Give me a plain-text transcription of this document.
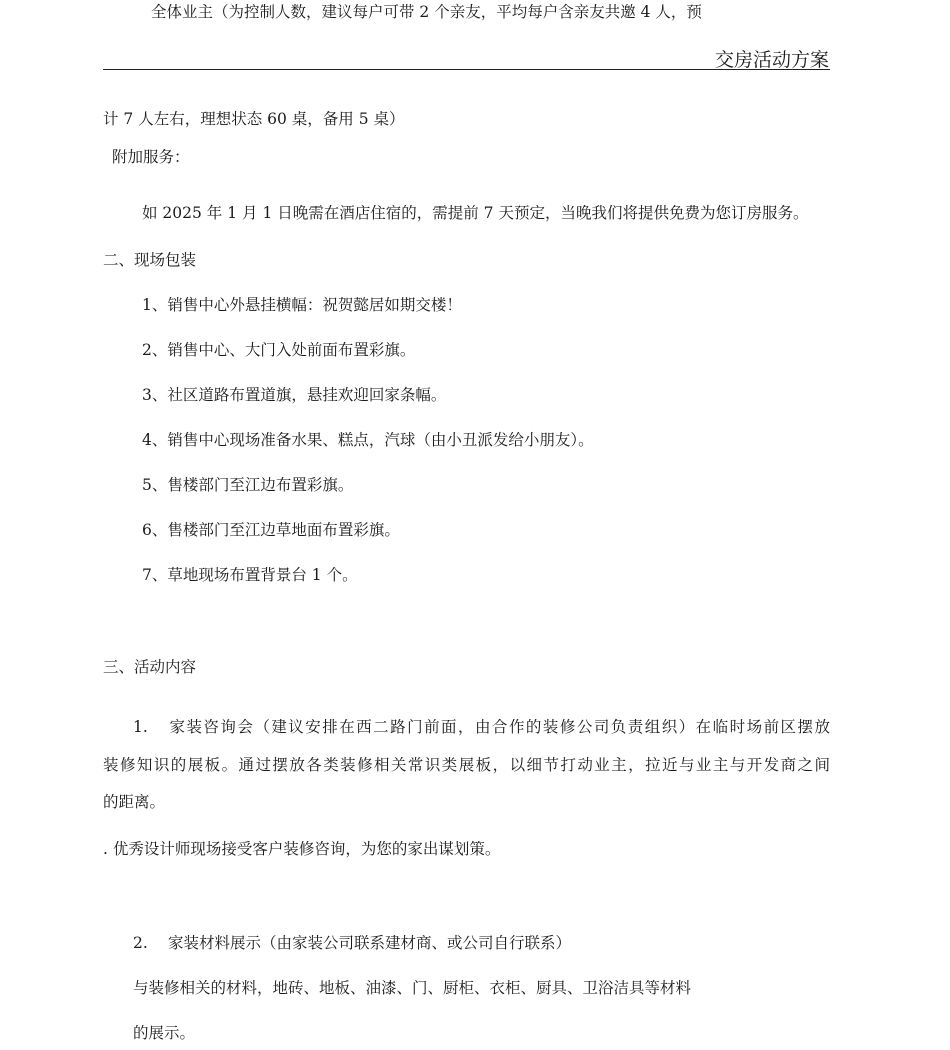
交房活动方案
全体业主（为控制人数，建议每户可带 2 个亲友，平均每户含亲友共邀 4 人，预
计 7 人左右，理想状态 60 桌，备用 5 桌）
附加服务：
如 2025 年 1 月 1 日晚需在酒店住宿的，需提前 7 天预定，当晚我们将提供免费为您订房服务。
二、现场包装
1、销售中心外悬挂横幅：祝贺懿居如期交楼！
2、销售中心、大门入处前面布置彩旗。
3、社区道路布置道旗，悬挂欢迎回家条幅。
4、销售中心现场准备水果、糕点，汽球（由小丑派发给小朋友）。
5、售楼部门至江边布置彩旗。
6、售楼部门至江边草地面布置彩旗。
7、草地现场布置背景台 1 个。
三、活动内容
1. 家装咨询会（建议安排在西二路门前面，由合作的装修公司负责组织）在临时场前区摆放
装修知识的展板。通过摆放各类装修相关常识类展板，以细节打动业主，拉近与业主与开发商之间
的距离。
. 优秀设计师现场接受客户装修咨询，为您的家出谋划策。
2. 家装材料展示（由家装公司联系建材商、或公司自行联系）
与装修相关的材料，地砖、地板、油漆、门、厨柜、衣柜、厨具、卫浴洁具等材料
的展示。
